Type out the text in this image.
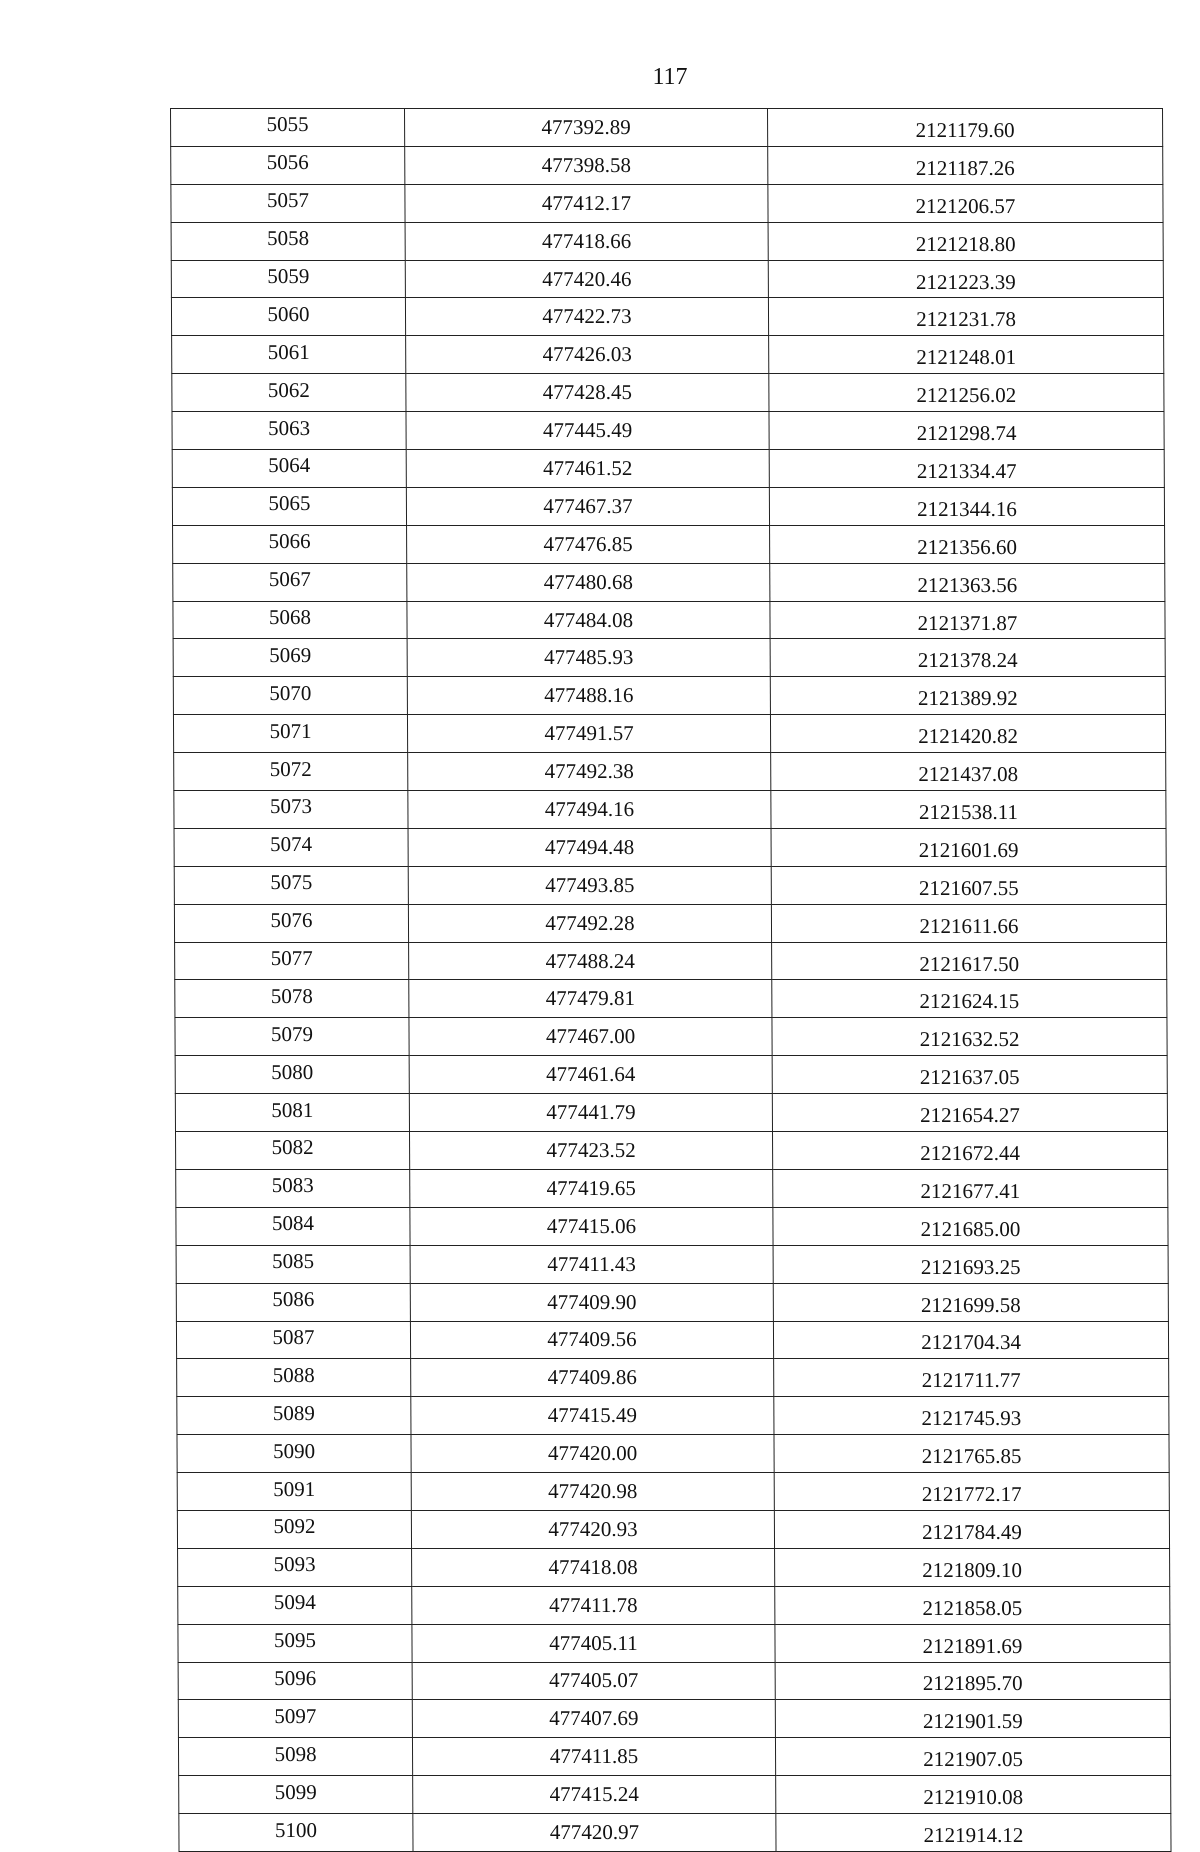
117
5055	477392.89	2121179.60
5056	477398.58	2121187.26
5057	477412.17	2121206.57
5058	477418.66	2121218.80
5059	477420.46	2121223.39
5060	477422.73	2121231.78
5061	477426.03	2121248.01
5062	477428.45	2121256.02
5063	477445.49	2121298.74
5064	477461.52	2121334.47
5065	477467.37	2121344.16
5066	477476.85	2121356.60
5067	477480.68	2121363.56
5068	477484.08	2121371.87
5069	477485.93	2121378.24
5070	477488.16	2121389.92
5071	477491.57	2121420.82
5072	477492.38	2121437.08
5073	477494.16	2121538.11
5074	477494.48	2121601.69
5075	477493.85	2121607.55
5076	477492.28	2121611.66
5077	477488.24	2121617.50
5078	477479.81	2121624.15
5079	477467.00	2121632.52
5080	477461.64	2121637.05
5081	477441.79	2121654.27
5082	477423.52	2121672.44
5083	477419.65	2121677.41
5084	477415.06	2121685.00
5085	477411.43	2121693.25
5086	477409.90	2121699.58
5087	477409.56	2121704.34
5088	477409.86	2121711.77
5089	477415.49	2121745.93
5090	477420.00	2121765.85
5091	477420.98	2121772.17
5092	477420.93	2121784.49
5093	477418.08	2121809.10
5094	477411.78	2121858.05
5095	477405.11	2121891.69
5096	477405.07	2121895.70
5097	477407.69	2121901.59
5098	477411.85	2121907.05
5099	477415.24	2121910.08
5100	477420.97	2121914.12
